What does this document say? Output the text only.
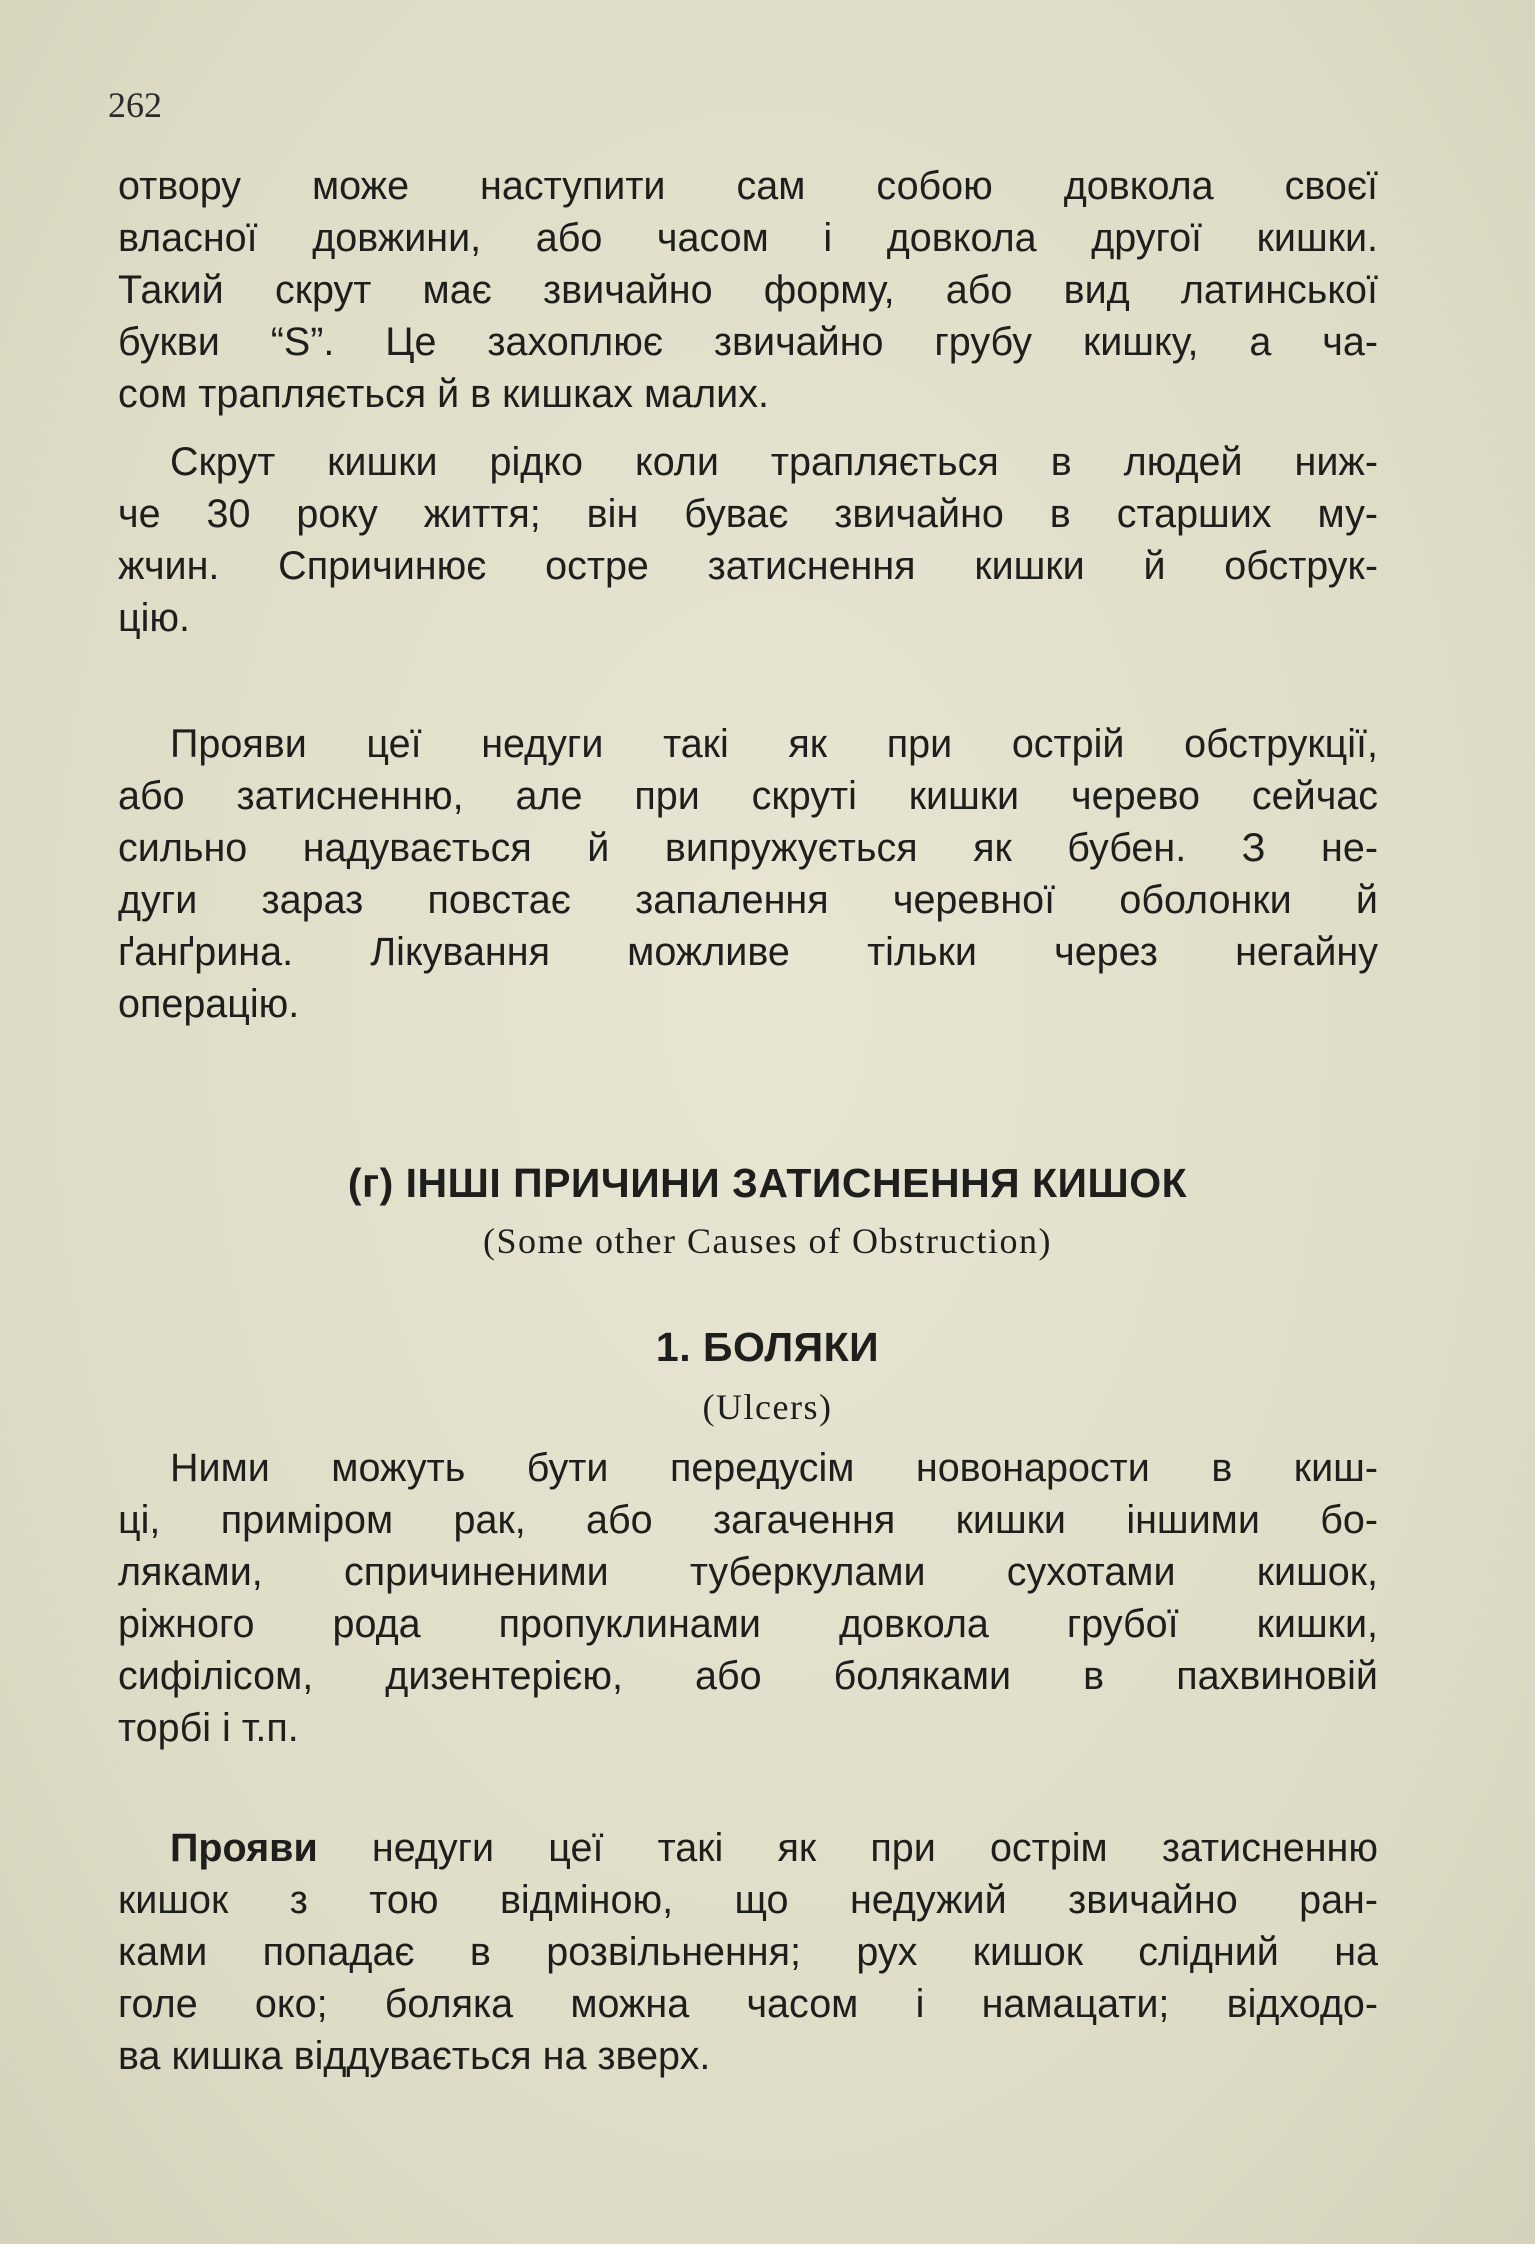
262
отвору може наступити сам собою довкола своєї
власної довжини, або часом і довкола другої кишки.
Такий скрут має звичайно форму, або вид латинської
букви “S”. Це захоплює звичайно грубу кишку, а ча-
сом трапляється й в кишках малих.
Скрут кишки рідко коли трапляється в людей ниж-
че 30 року життя; він буває звичайно в старших му-
жчин. Спричинює остре затиснення кишки й обструк-
цію.
Прояви цеї недуги такі як при острій обструкції,
або затисненню, але при скруті кишки черево сейчас
сильно надувається й випружується як бубен. З не-
дуги зараз повстає запалення черевної оболонки й
ґанґрина. Лікування можливе тільки через негайну
операцію.
(г) ІНШІ ПРИЧИНИ ЗАТИСНЕННЯ КИШОК
(Some other Causes of Obstruction)
1. БОЛЯКИ
(Ulcers)
Ними можуть бути передусім новонарости в киш-
ці, приміром рак, або загачення кишки іншими бо-
ляками, спричиненими туберкулами сухотами кишок,
ріжного рода пропуклинами довкола грубої кишки,
сифілісом, дизентерією, або боляками в пахвиновій
торбі і т.п.
Прояви недуги цеї такі як при острім затисненню
кишок з тою відміною, що недужий звичайно ран-
ками попадає в розвільнення; рух кишок слідний на
голе око; боляка можна часом і намацати; відходо-
ва кишка віддувається на зверх.
